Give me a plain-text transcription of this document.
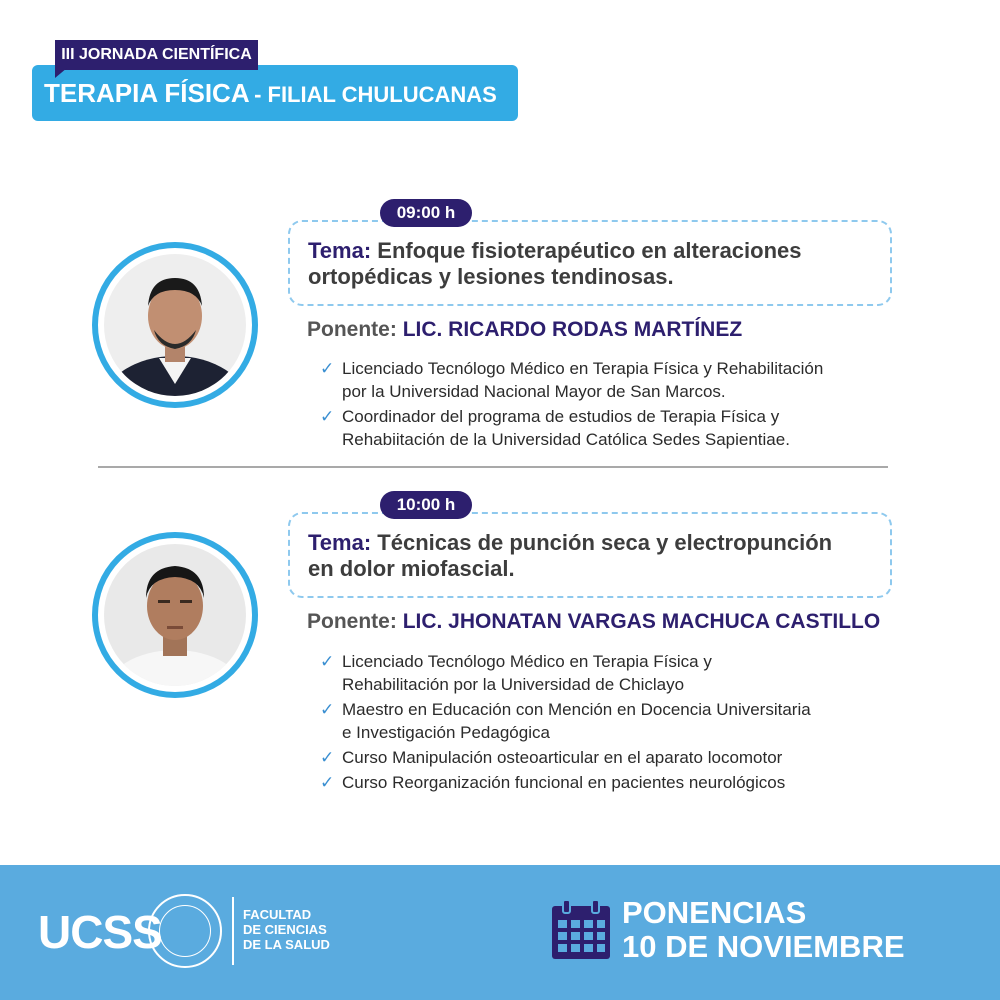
TERAPIA FÍSICA - FILIAL CHULUCANAS
III JORNADA CIENTÍFICA
09:00 h
Tema: Enfoque fisioterapéutico en alteraciones
ortopédicas y lesiones tendinosas.
Ponente: LIC. RICARDO RODAS MARTÍNEZ
✓ Licenciado Tecnólogo Médico en Terapia Física y Rehabilitación
por la Universidad Nacional Mayor de San Marcos.
✓ Coordinador del programa de estudios de Terapia Física y
Rehabiitación de la Universidad Católica Sedes Sapientiae.
10:00 h
Tema: Técnicas de punción seca y electropunción
en dolor miofascial.
Ponente: LIC. JHONATAN VARGAS MACHUCA CASTILLO
✓ Licenciado Tecnólogo Médico en Terapia Física y
Rehabilitación por la Universidad de Chiclayo
✓ Maestro en Educación con Mención en Docencia Universitaria
e Investigación Pedagógica
✓ Curso Manipulación osteoarticular en el aparato locomotor
✓ Curso Reorganización funcional en pacientes neurológicos
UCSS	FACULTAD
DE CIENCIAS
DE LA SALUD
PONENCIAS
10 DE NOVIEMBRE
